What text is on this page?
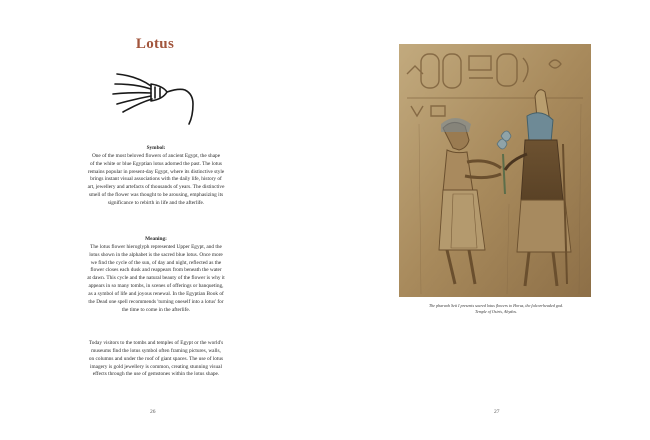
Lotus

Symbol:

One of the most beloved flowers of ancient Egypt, the shape

of the white or blue Egyptian lotus adorned the past. The lotus

remains popular in present-day Egypt, where its distinctive style

brings instant visual associations with the daily life, history of

art, jewellery and artefacts of thousands of years. The distinctive

smell of the flower was thought to be arousing, emphasizing its

significance to rebirth in life and the afterlife.

Meaning:

The lotus flower hieroglyph represented Upper Egypt, and the

lotus shown in the alphabet is the sacred blue lotus. Once more

we find the cycle of the sun, of day and night, reflected as the

flower closes each dusk and reappears from beneath the water

at dawn. This cycle and the natural beauty of the flower is why it

appears in so many tombs, in scenes of offerings or banqueting,

as a symbol of life and joyous renewal. In the Egyptian Book of

the Dead one spell recommends 'turning oneself into a lotus' for

the time to come in the afterlife.

Today visitors to the tombs and temples of Egypt or the world's

museums find the lotus symbol often framing pictures, walls,

on columns and under the roof of giant spaces. The use of lotus

imagery is gold jewellery is common, creating stunning visual

effects through the use of gemstones within the lotus shape.

26
The pharaoh Seti I presents sacred lotus flowers to Horus, the falcon-headed god.
Temple of Osiris, Abydos.
27
